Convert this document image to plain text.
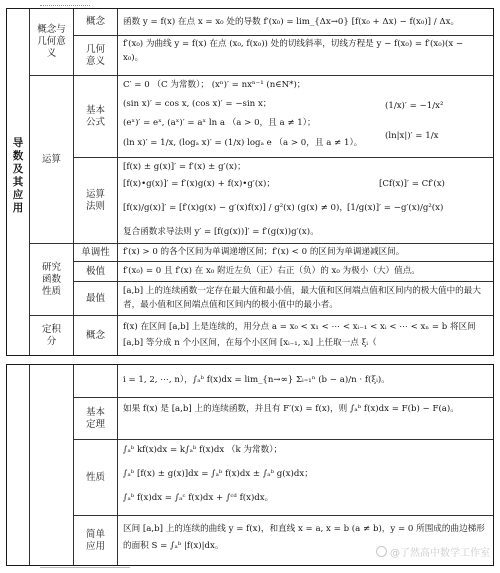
导数及其应用
概念与几何意义
运算
研究函数性质
定积分
概念
几何意义
基本公式
运算法则
单调性
极值
最值
概念
函数 y = f(x) 在点 x = x₀ 处的导数 f′(x₀) = lim_{Δx→0} [f(x₀ + Δx) − f(x₀)] / Δx。
f′(x₀) 为曲线 y = f(x) 在点 (x₀, f(x₀)) 处的切线斜率，切线方程是 y − f(x₀) = f′(x₀)(x − x₀)。
C′ = 0 （C 为常数）； (xⁿ)′ = nxⁿ⁻¹ (n∈N*)；
(sin x)′ = cos x, (cos x)′ = −sin x；
(eˣ)′ = eˣ, (aˣ)′ = aˣ ln a （a > 0，且 a ≠ 1）；
(ln x)′ = 1/x, (logₐ x)′ = (1/x) logₐ e （a > 0，且 a ≠ 1）。
(1/x)′ = −1/x²
(ln|x|)′ = 1/x
[f(x) ± g(x)]′ = f′(x) ± g′(x)；
[f(x)•g(x)]′ = f′(x)g(x) + f(x)•g′(x)；	[Cf(x)]′ = Cf′(x)
[f(x)/g(x)]′ = [f′(x)g(x) − g′(x)f(x)] / g²(x) (g(x) ≠ 0)， [1/g(x)]′ = −g′(x)/g²(x)
复合函数求导法则 y′ = [f(g(x))]′ = f′(g(x))g′(x)。
f′(x) > 0 的各个区间为单调递增区间；f′(x) < 0 的区间为单调递减区间。
f′(x₀) = 0 且 f′(x) 在 x₀ 附近左负（正）右正（负）的 x₀ 为极小（大）值点。
[a,b] 上的连续函数一定存在最大值和最小值，最大值和区间端点值和区间内的极大值中的最大者，最小值和区间端点值和区间内的极小值中的最小者。
f(x) 在区间 [a,b] 上是连续的，用分点 a = x₀ < x₁ < ⋯ < xᵢ₋₁ < xᵢ < ⋯ < xₙ = b 将区间 [a,b] 等分成 n 个小区间，在每个小区间 [xᵢ₋₁, xᵢ] 上任取一点 ξᵢ（
基本定理
性质
简单应用
i = 1, 2, ⋯, n），∫ₐᵇ f(x)dx = lim_{n→∞} Σᵢ₌₁ⁿ (b − a)/n · f(ξᵢ)。
如果 f(x) 是 [a,b] 上的连续函数，并且有 F′(x) = f(x)，则 ∫ₐᵇ f(x)dx = F(b) − F(a)。
∫ₐᵇ kf(x)dx = k∫ₐᵇ f(x)dx （k 为常数）；
∫ₐᵇ [f(x) ± g(x)]dx = ∫ₐᵇ f(x)dx ± ∫ₐᵇ g(x)dx；
∫ₐᵇ f(x)dx = ∫ₐᶜ f(x)dx + ∫ᶜᵈ f(x)dx。
区间 [a,b] 上的连续的曲线 y = f(x)，和直线 x = a, x = b (a ≠ b)，y = 0 所围成的曲边梯形的面积 S = ∫ₐᵇ |f(x)|dx。
@了然高中数学工作室
